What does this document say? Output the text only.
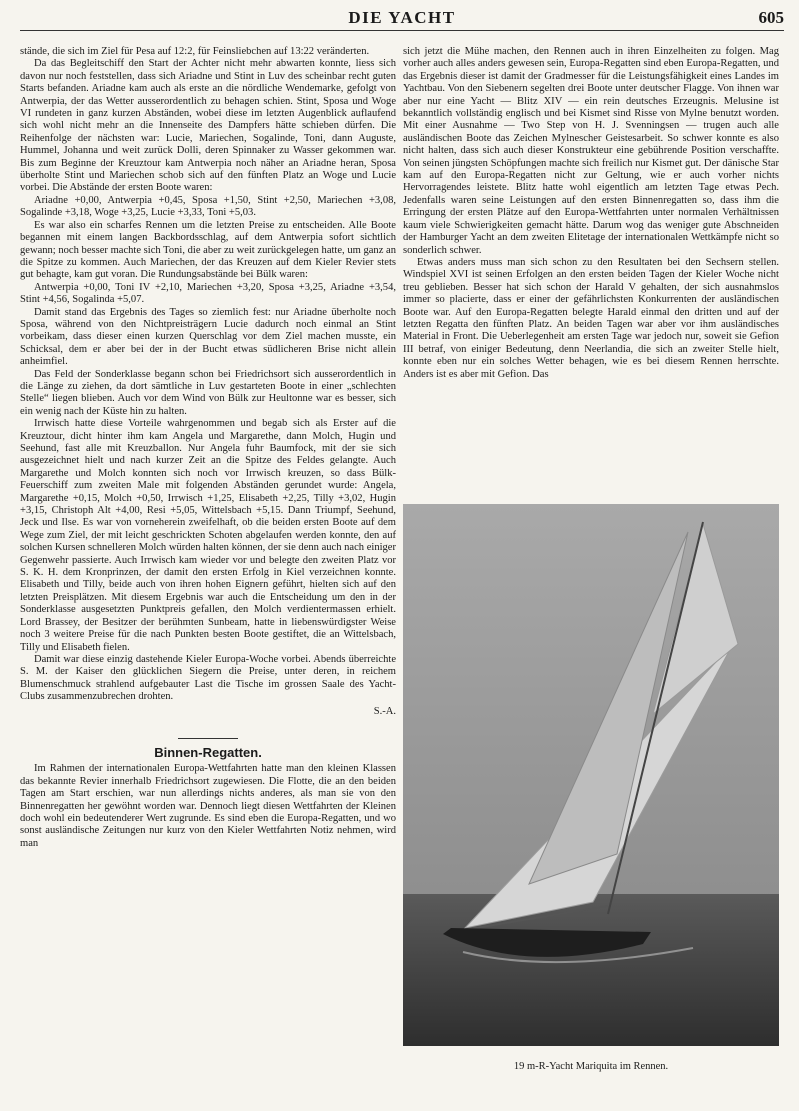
DIE YACHT	605

stände, die sich im Ziel für Pesa auf 12:2, für Feinsliebchen auf 13:22 veränderten.

Da das Begleitschiff den Start der Achter nicht mehr abwarten konnte, liess sich davon nur noch feststellen, dass sich Ariadne und Stint in Luv des scheinbar recht guten Starts befanden. Ariadne kam auch als erste an die nördliche Wendemarke, gefolgt von Antwerpia, der das Wetter ausserordentlich zu behagen schien. Stint, Sposa und Woge VI rundeten in ganz kurzen Abständen, wobei diese im letzten Augenblick auflaufend sich wohl nicht mehr an die Innenseite des Dampfers hätte schieben dürfen. Die Reihenfolge der nächsten war: Lucie, Mariechen, Sogalinde, Toni, dann Auguste, Hummel, Johanna und weit zurück Dolli, deren Spinnaker zu Wasser gekommen war. Bis zum Beginne der Kreuztour kam Antwerpia noch näher an Ariadne heran, Sposa überholte Stint und Mariechen schob sich auf den fünften Platz an Woge und Lucie vorbei. Die Abstände der ersten Boote waren:

Ariadne +0,00, Antwerpia +0,45, Sposa +1,50, Stint +2,50, Mariechen +3,08, Sogalinde +3,18, Woge +3,25, Lucie +3,33, Toni +5,03.

Es war also ein scharfes Rennen um die letzten Preise zu entscheiden. Alle Boote begannen mit einem langen Backbordsschlag, auf dem Antwerpia sofort sichtlich gewann; noch besser machte sich Toni, die aber zu weit zurückgelegen hatte, um ganz an die Spitze zu kommen. Auch Mariechen, der das Kreuzen auf dem Kieler Revier stets gut behagte, kam gut voran. Die Rundungsabstände bei Bülk waren:

Antwerpia +0,00, Toni IV +2,10, Mariechen +3,20, Sposa +3,25, Ariadne +3,54, Stint +4,56, Sogalinda +5,07.

Damit stand das Ergebnis des Tages so ziemlich fest: nur Ariadne überholte noch Sposa, während von den Nichtpreisträgern Lucie dadurch noch einmal an Stint vorbeikam, dass dieser einen kurzen Querschlag vor dem Ziel machen musste, ein Schicksal, dem er aber bei der in der Bucht etwas südlicheren Brise nicht allein anheimfiel.

Das Feld der Sonderklasse begann schon bei Friedrichsort sich ausserordentlich in die Länge zu ziehen, da dort sämtliche in Luv gestarteten Boote in einer „schlechten Stelle“ liegen blieben. Auch vor dem Wind von Bülk zur Heultonne war es besser, sich ein wenig nach der Küste hin zu halten.

Irrwisch hatte diese Vorteile wahrgenommen und begab sich als Erster auf die Kreuztour, dicht hinter ihm kam Angela und Margarethe, dann Molch, Hugin und Seehund, fast alle mit Kreuzballon. Nur Angela fuhr Baumfock, mit der sie sich ausgezeichnet hielt und nach kurzer Zeit an die Spitze des Feldes gelangte. Auch Margarethe und Molch konnten sich noch vor Irrwisch kreuzen, so dass Bülk-Feuerschiff zum zweiten Male mit folgenden Abständen gerundet wurde: Angela, Margarethe +0,15, Molch +0,50, Irrwisch +1,25, Elisabeth +2,25, Tilly +3,02, Hugin +3,15, Christoph Alt +4,00, Resi +5,05, Wittelsbach +5,15. Dann Triumpf, Seehund, Jeck und Ilse. Es war von vorneherein zweifelhaft, ob die beiden ersten Boote auf dem Wege zum Ziel, der mit leicht geschrickten Schoten abgelaufen werden konnte, den auf solchen Kursen schnelleren Molch würden halten können, der sie denn auch nach einiger Gegenwehr passierte. Auch Irrwisch kam wieder vor und belegte den zweiten Platz vor S. K. H. dem Kronprinzen, der damit den ersten Erfolg in Kiel verzeichnen konnte. Elisabeth und Tilly, beide auch von ihren hohen Eignern geführt, hielten sich auf den letzten Preisplätzen. Mit diesem Ergebnis war auch die Entscheidung um den in der Sonderklasse ausgesetzten Punktpreis gefallen, den Molch verdientermassen erhielt. Lord Brassey, der Besitzer der berühmten Sunbeam, hatte in liebenswürdigster Weise noch 3 weitere Preise für die nach Punkten besten Boote gestiftet, die an Wittelsbach, Tilly und Elisabeth fielen.

Damit war diese einzig dastehende Kieler Europa-Woche vorbei. Abends überreichte S. M. der Kaiser den glücklichen Siegern die Preise, unter deren, in reichem Blumenschmuck strahlend aufgebauter Last die Tische im grossen Saale des Yacht-Clubs zusammenzubrechen drohten.

S.-A.
Binnen-Regatten.

Im Rahmen der internationalen Europa-Wettfahrten hatte man den kleinen Klassen das bekannte Revier innerhalb Friedrichsort zugewiesen. Die Flotte, die an den beiden Tagen am Start erschien, war nun allerdings nichts anderes, als man sie von den Binnenregatten her gewöhnt worden war. Dennoch liegt diesen Wettfahrten der Kleinen doch wohl ein bedeutenderer Wert zugrunde. Es sind eben die Europa-Regatten, und wo sonst ausländische Zeitungen nur kurz von den Kieler Wettfahrten Notiz nehmen, wird man

sich jetzt die Mühe machen, den Rennen auch in ihren Einzelheiten zu folgen. Mag vorher auch alles anders gewesen sein, Europa-Regatten sind eben Europa-Regatten, und das Ergebnis dieser ist damit der Gradmesser für die Leistungsfähigkeit eines Landes im Yachtbau. Von den Siebenern segelten drei Boote unter deutscher Flagge. Von ihnen war aber nur eine Yacht — Blitz XIV — ein rein deutsches Erzeugnis. Melusine ist bekanntlich vollständig englisch und bei Kismet sind Risse von Mylne benutzt worden. Mit einer Ausnahme — Two Step von H. J. Svenningsen — trugen auch alle ausländischen Boote das Zeichen Mylnescher Geistesarbeit. So schwer konnte es also nicht halten, dass sich auch dieser Konstrukteur eine gebührende Position verschaffte. Von seinen jüngsten Schöpfungen machte sich freilich nur Kismet gut. Der dänische Star kam auf den Europa-Regatten nicht zur Geltung, wie er auch vorher nichts Hervorragendes leistete. Blitz hatte wohl eigentlich am letzten Tage etwas Pech. Jedenfalls waren seine Leistungen auf den ersten Binnenregatten so, dass ihm die Erringung der ersten Plätze auf den Europa-Wettfahrten unter normalen Verhältnissen kaum viele Schwierigkeiten gemacht hätte. Darum wog das weniger gute Abschneiden der Hamburger Yacht an dem zweiten Elitetage der internationalen Wettkämpfe nicht so sonderlich schwer.

Etwas anders muss man sich schon zu den Resultaten bei den Sechsern stellen. Windspiel XVI ist seinen Erfolgen an den ersten beiden Tagen der Kieler Woche nicht treu geblieben. Besser hat sich schon der Harald V gehalten, der sich ausnahmslos immer so placierte, dass er einer der gefährlichsten Konkurrenten der ausländischen Boote war. Auf den Europa-Regatten belegte Harald einmal den dritten und auf der letzten Regatta den fünften Platz. An beiden Tagen war aber vor ihm ausländisches Material in Front. Die Ueberlegenheit am ersten Tage war jedoch nur, soweit sie Gefion III betraf, von einiger Bedeutung, denn Neerlandia, die sich an zweiter Stelle hielt, konnte eben nur ein solches Wetter behagen, wie es bei diesem Rennen herrschte. Anders ist es aber mit Gefion. Das

19 m-R-Yacht Mariquita im Rennen.
